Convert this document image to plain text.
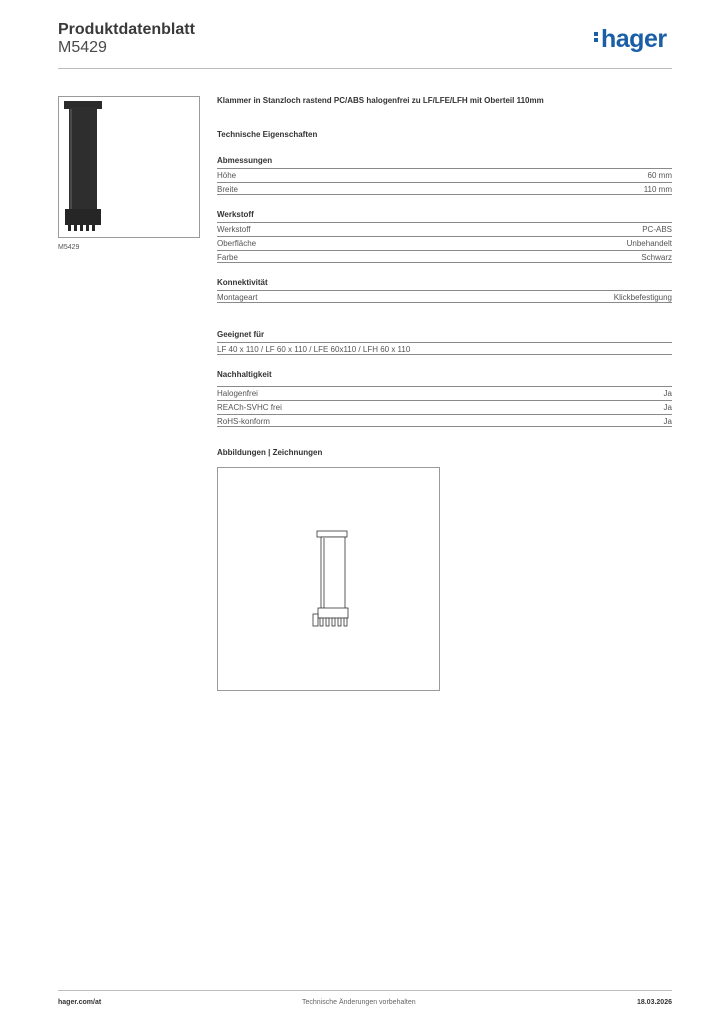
Produktdatenblatt
M5429	hager
M5429
Klammer in Stanzloch rastend PC/ABS halogenfrei zu LF/LFE/LFH mit Oberteil 110mm
Technische Eigenschaften
Abmessungen
Höhe	60 mm
Breite	110 mm
Werkstoff
Werkstoff	PC-ABS
Oberfläche	Unbehandelt
Farbe	Schwarz
Konnektivität
Montageart	Klickbefestigung
Geeignet für
LF 40 x 110 / LF 60 x 110 / LFE 60x110 / LFH 60 x 110
Nachhaltigkeit
Halogenfrei	Ja
REACh-SVHC frei	Ja
RoHS-konform	Ja
Abbildungen | Zeichnungen
hager.com/at	Technische Änderungen vorbehalten	18.03.2026
